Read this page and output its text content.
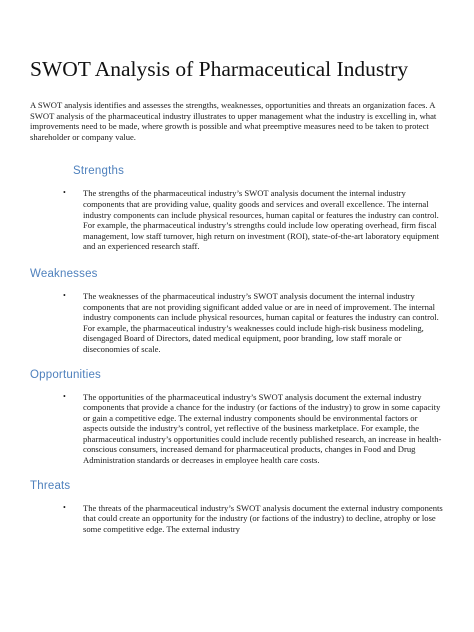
SWOT Analysis of Pharmaceutical Industry

A SWOT analysis identifies and assesses the strengths, weaknesses, opportunities and threats an organization faces. A SWOT analysis of the pharmaceutical industry illustrates to upper management what the industry is excelling in, what improvements need to be made, where growth is possible and what preemptive measures need to be taken to protect shareholder or company value.

Strengths
• The strengths of the pharmaceutical industry’s SWOT analysis document the internal industry components that are providing value, quality goods and services and overall excellence. The internal industry components can include physical resources, human capital or features the industry can control. For example, the pharmaceutical industry’s strengths could include low operating overhead, firm fiscal management, low staff turnover, high return on investment (ROI), state-of-the-art laboratory equipment and an experienced research staff.
Weaknesses
• The weaknesses of the pharmaceutical industry’s SWOT analysis document the internal industry components that are not providing significant added value or are in need of improvement. The internal industry components can include physical resources, human capital or features the industry can control. For example, the pharmaceutical industry’s weaknesses could include high-risk business modeling, disengaged Board of Directors, dated medical equipment, poor branding, low staff morale or diseconomies of scale.
Opportunities
• The opportunities of the pharmaceutical industry’s SWOT analysis document the external industry components that provide a chance for the industry (or factions of the industry) to grow in some capacity or gain a competitive edge. The external industry components should be environmental factors or aspects outside the industry’s control, yet reflective of the business marketplace. For example, the pharmaceutical industry’s opportunities could include recently published research, an increase in health-conscious consumers, increased demand for pharmaceutical products, changes in Food and Drug Administration standards or decreases in employee health care costs.
Threats
• The threats of the pharmaceutical industry’s SWOT analysis document the external industry components that could create an opportunity for the industry (or factions of the industry) to decline, atrophy or lose some competitive edge. The external industry
